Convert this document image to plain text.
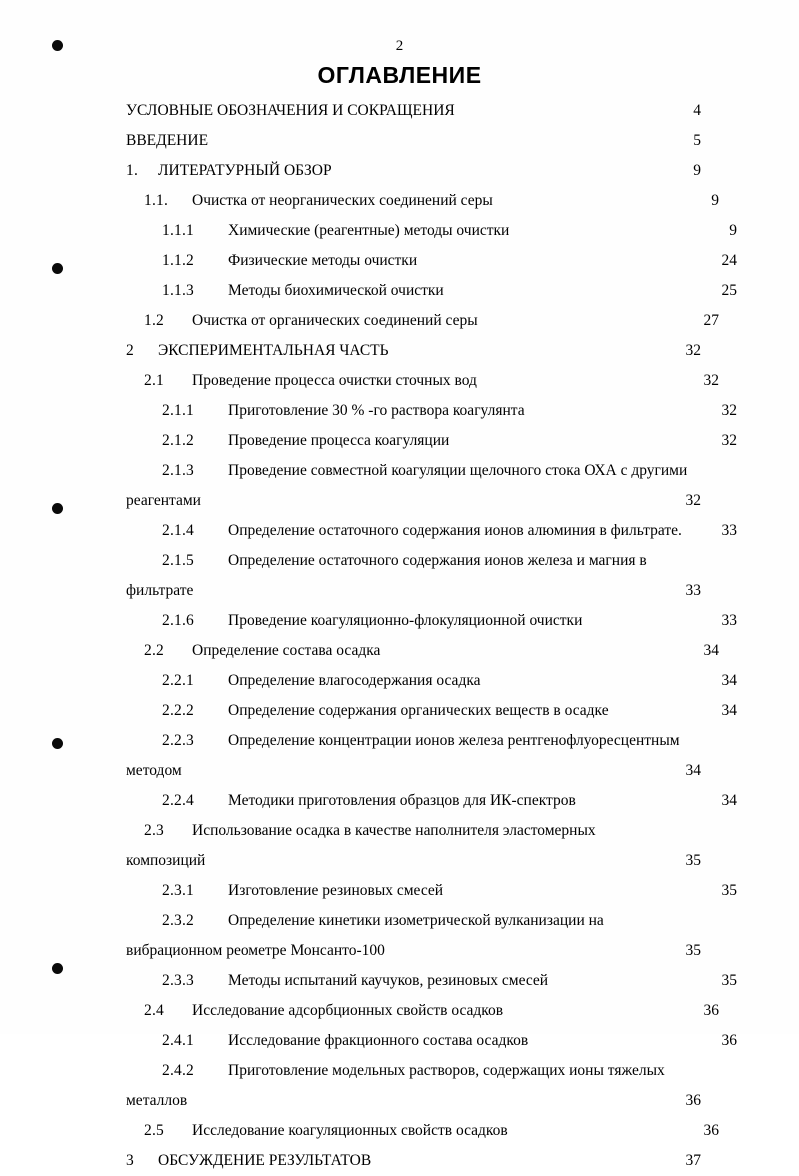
2
ОГЛАВЛЕНИЕ
УСЛОВНЫЕ ОБОЗНАЧЕНИЯ И СОКРАЩЕНИЯ .....	4
ВВЕДЕНИЕ .....	5
1.	ЛИТЕРАТУРНЫЙ ОБЗОР .....	9
1.1.	Очистка от неорганических соединений серы .....	9
1.1.1	Химические (реагентные) методы очистки .....	9
1.1.2	Физические методы очистки .....	24
1.1.3	Методы биохимической очистки .....	25
1.2	Очистка от органических соединений серы .....	27
2	ЭКСПЕРИМЕНТАЛЬНАЯ ЧАСТЬ .....	32
2.1	Проведение процесса очистки сточных вод .....	32
2.1.1	Приготовление 30 % -го раствора коагулянта .....	32
2.1.2	Проведение процесса коагуляции .....	32
2.1.3	Проведение совместной коагуляции щелочного стока ОХА с другими
реагентами .....	32
2.1.4	Определение остаточного содержания ионов алюминия в фильтрате.	33
2.1.5	Определение остаточного содержания ионов железа и магния в
фильтрате .....	33
2.1.6	Проведение коагуляционно-флокуляционной очистки .....	33
2.2	Определение состава осадка .....	34
2.2.1	Определение влагосодержания осадка .....	34
2.2.2	Определение содержания органических веществ в осадке .....	34
2.2.3	Определение концентрации ионов железа рентгенофлуоресцентным
методом .....	34
2.2.4	Методики приготовления образцов для ИК-спектров .....	34
2.3	Использование осадка в качестве наполнителя эластомерных
композиций .....	35
2.3.1	Изготовление резиновых смесей .....	35
2.3.2	Определение кинетики изометрической вулканизации на
вибрационном реометре Монсанто-100 .....	35
2.3.3	Методы испытаний каучуков, резиновых смесей .....	35
2.4	Исследование адсорбционных свойств осадков .....	36
2.4.1	Исследование фракционного состава осадков .....	36
2.4.2	Приготовление модельных растворов, содержащих ионы тяжелых
металлов .....	36
2.5	Исследование коагуляционных свойств осадков .....	36
3	ОБСУЖДЕНИЕ РЕЗУЛЬТАТОВ .....	37
